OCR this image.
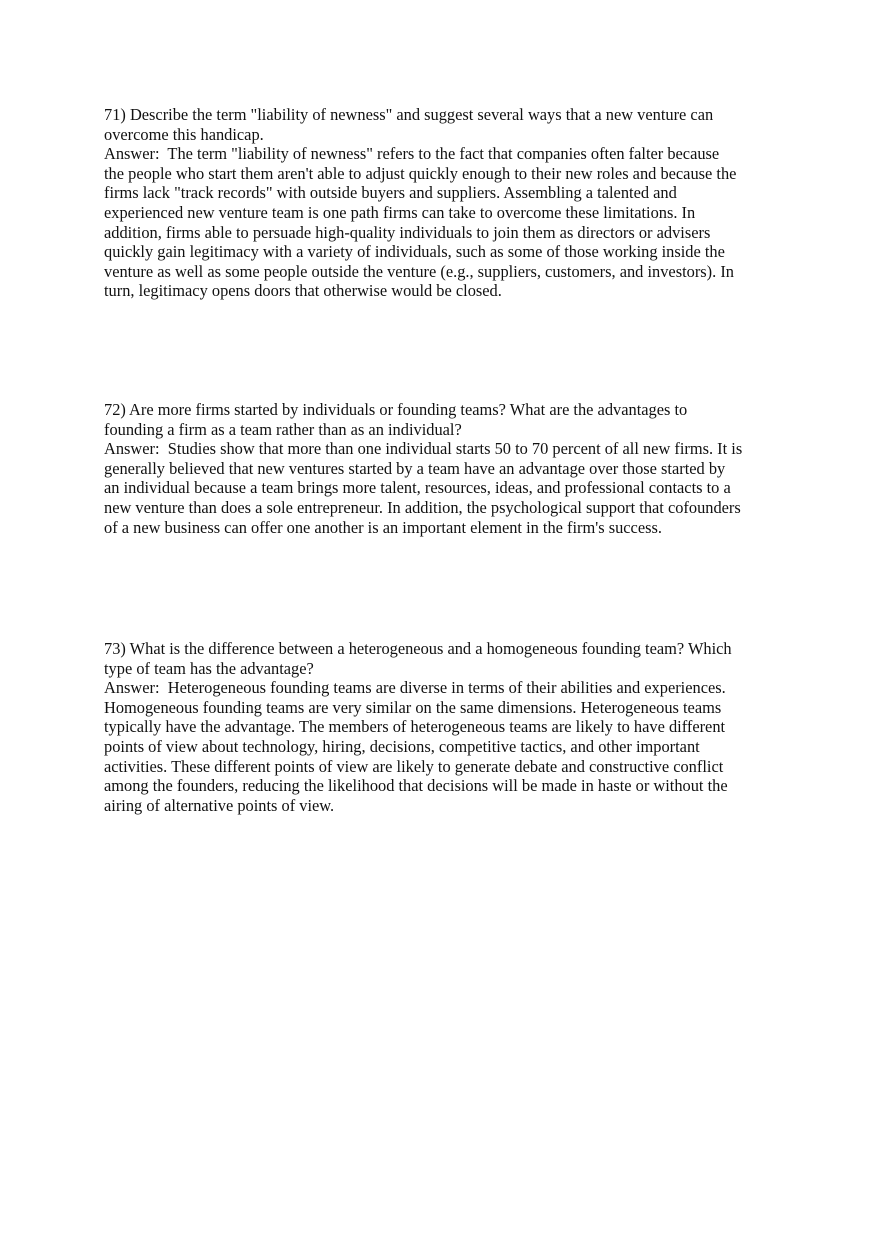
71) Describe the term "liability of newness" and suggest several ways that a new venture can
overcome this handicap.
Answer:  The term "liability of newness" refers to the fact that companies often falter because
the people who start them aren't able to adjust quickly enough to their new roles and because the
firms lack "track records" with outside buyers and suppliers. Assembling a talented and
experienced new venture team is one path firms can take to overcome these limitations. In
addition, firms able to persuade high-quality individuals to join them as directors or advisers
quickly gain legitimacy with a variety of individuals, such as some of those working inside the
venture as well as some people outside the venture (e.g., suppliers, customers, and investors). In
turn, legitimacy opens doors that otherwise would be closed.
72) Are more firms started by individuals or founding teams? What are the advantages to
founding a firm as a team rather than as an individual?
Answer:  Studies show that more than one individual starts 50 to 70 percent of all new firms. It is
generally believed that new ventures started by a team have an advantage over those started by
an individual because a team brings more talent, resources, ideas, and professional contacts to a
new venture than does a sole entrepreneur. In addition, the psychological support that cofounders
of a new business can offer one another is an important element in the firm's success.
73) What is the difference between a heterogeneous and a homogeneous founding team? Which
type of team has the advantage?
Answer:  Heterogeneous founding teams are diverse in terms of their abilities and experiences.
Homogeneous founding teams are very similar on the same dimensions. Heterogeneous teams
typically have the advantage. The members of heterogeneous teams are likely to have different
points of view about technology, hiring, decisions, competitive tactics, and other important
activities. These different points of view are likely to generate debate and constructive conflict
among the founders, reducing the likelihood that decisions will be made in haste or without the
airing of alternative points of view.
